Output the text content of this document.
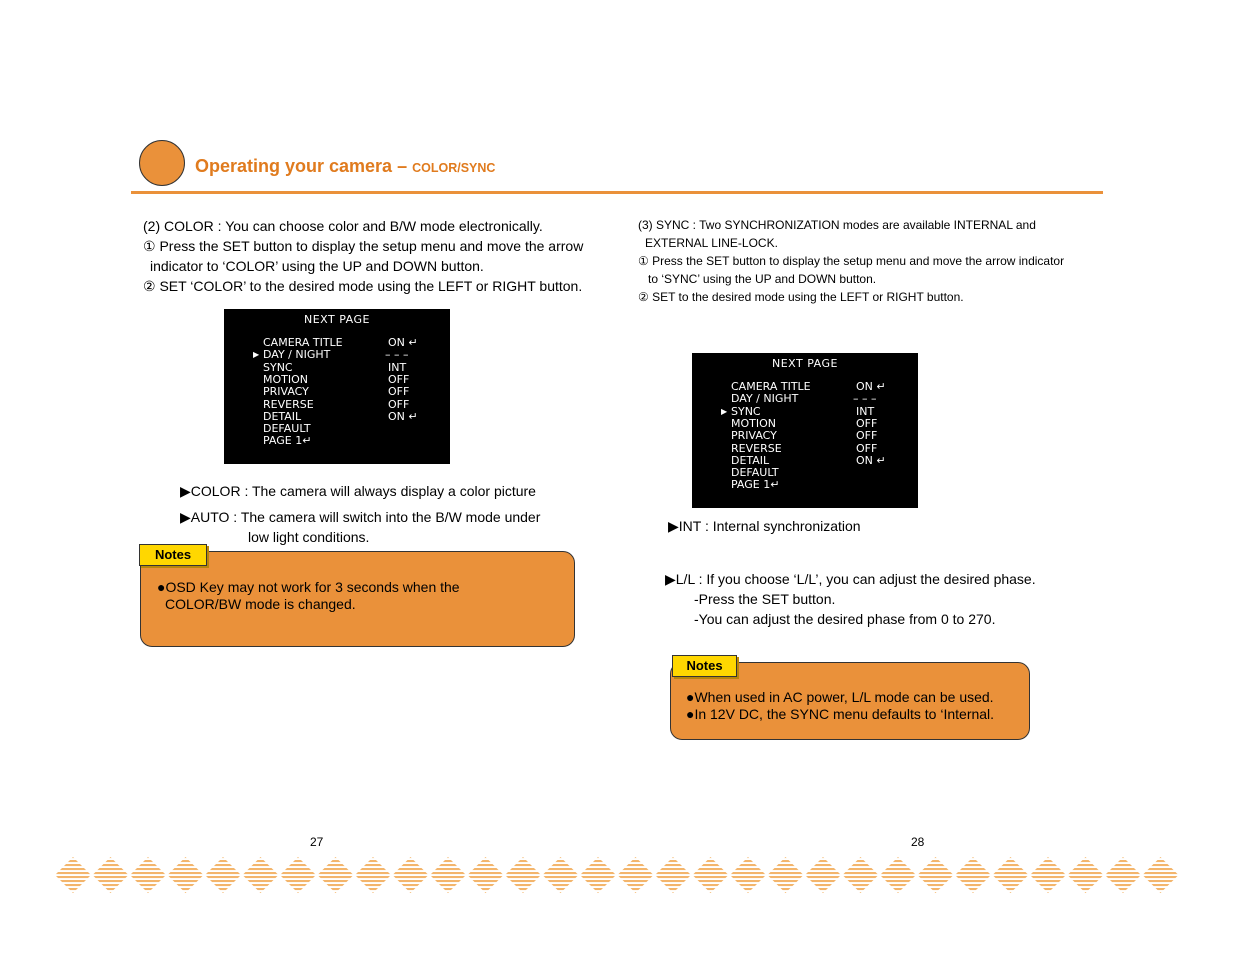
Operating your camera – COLOR/SYNC
(2) COLOR : You can choose color and B/W mode electronically.
① Press the SET button to display the setup menu and move the arrow
indicator to ‘COLOR’ using the UP and DOWN button.
② SET ‘COLOR’ to the desired mode using the LEFT or RIGHT button.
NEXT PAGE
CAMERA TITLE	ON ↵
▶ DAY / NIGHT	– – –
SYNC	INT
MOTION	OFF
PRIVACY	OFF
REVERSE	OFF
DETAIL	ON ↵
DEFAULT
PAGE 1↵
▶COLOR : The camera will always display a color picture
▶AUTO : The camera will switch into the B/W mode under
low light conditions.
Notes
●OSD Key may not work for 3 seconds when the
COLOR/BW mode is changed.
27
(3) SYNC : Two SYNCHRONIZATION modes are available INTERNAL and
EXTERNAL LINE-LOCK.
① Press the SET button to display the setup menu and move the arrow indicator
to ‘SYNC’ using the UP and DOWN button.
② SET to the desired mode using the LEFT or RIGHT button.
NEXT PAGE
CAMERA TITLE	ON ↵
DAY / NIGHT	– – –
▶ SYNC	INT
MOTION	OFF
PRIVACY	OFF
REVERSE	OFF
DETAIL	ON ↵
DEFAULT
PAGE 1↵
▶INT : Internal synchronization
▶L/L : If you choose ‘L/L’, you can adjust the desired phase.
-Press the SET button.
-You can adjust the desired phase from 0 to 270.
Notes
●When used in AC power, L/L mode can be used.
●In 12V DC, the SYNC menu defaults to ‘Internal.
28
